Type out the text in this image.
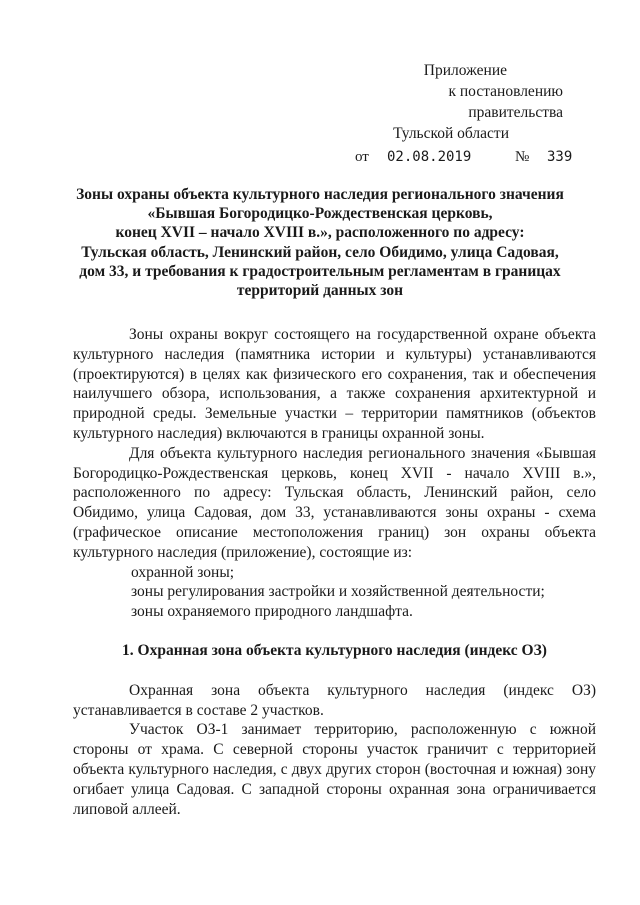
Приложение
к постановлению правительства
Тульской области
от 02.08.2019	№ 339
Зоны охраны объекта культурного наследия регионального значения
«Бывшая Богородицко-Рождественская церковь,
конец XVII – начало XVIII в.», расположенного по адресу:
Тульская область, Ленинский район, село Обидимо, улица Садовая,
дом 33, и требования к градостроительным регламентам в границах
территорий данных зон

Зоны охраны вокруг состоящего на государственной охране объекта культурного наследия (памятника истории и культуры) устанавливаются (проектируются) в целях как физического его сохранения, так и обеспечения наилучшего обзора, использования, а также сохранения архитектурной и природной среды. Земельные участки – территории памятников (объектов культурного наследия) включаются в границы охранной зоны.

Для объекта культурного наследия регионального значения «Бывшая Богородицко-Рождественская церковь, конец XVII - начало XVIII в.», расположенного по адресу: Тульская область, Ленинский район, село Обидимо, улица Садовая, дом 33, устанавливаются зоны охраны - схема (графическое описание местоположения границ) зон охраны объекта культурного наследия (приложение), состоящие из:

охранной зоны;

зоны регулирования застройки и хозяйственной деятельности;

зоны охраняемого природного ландшафта.

1. Охранная зона объекта культурного наследия (индекс ОЗ)

Охранная зона объекта культурного наследия (индекс ОЗ) устанавливается в составе 2 участков.

Участок ОЗ-1 занимает территорию, расположенную с южной стороны от храма. С северной стороны участок граничит с территорией объекта культурного наследия, с двух других сторон (восточная и южная) зону огибает улица Садовая. С западной стороны охранная зона ограничивается липовой аллеей.
